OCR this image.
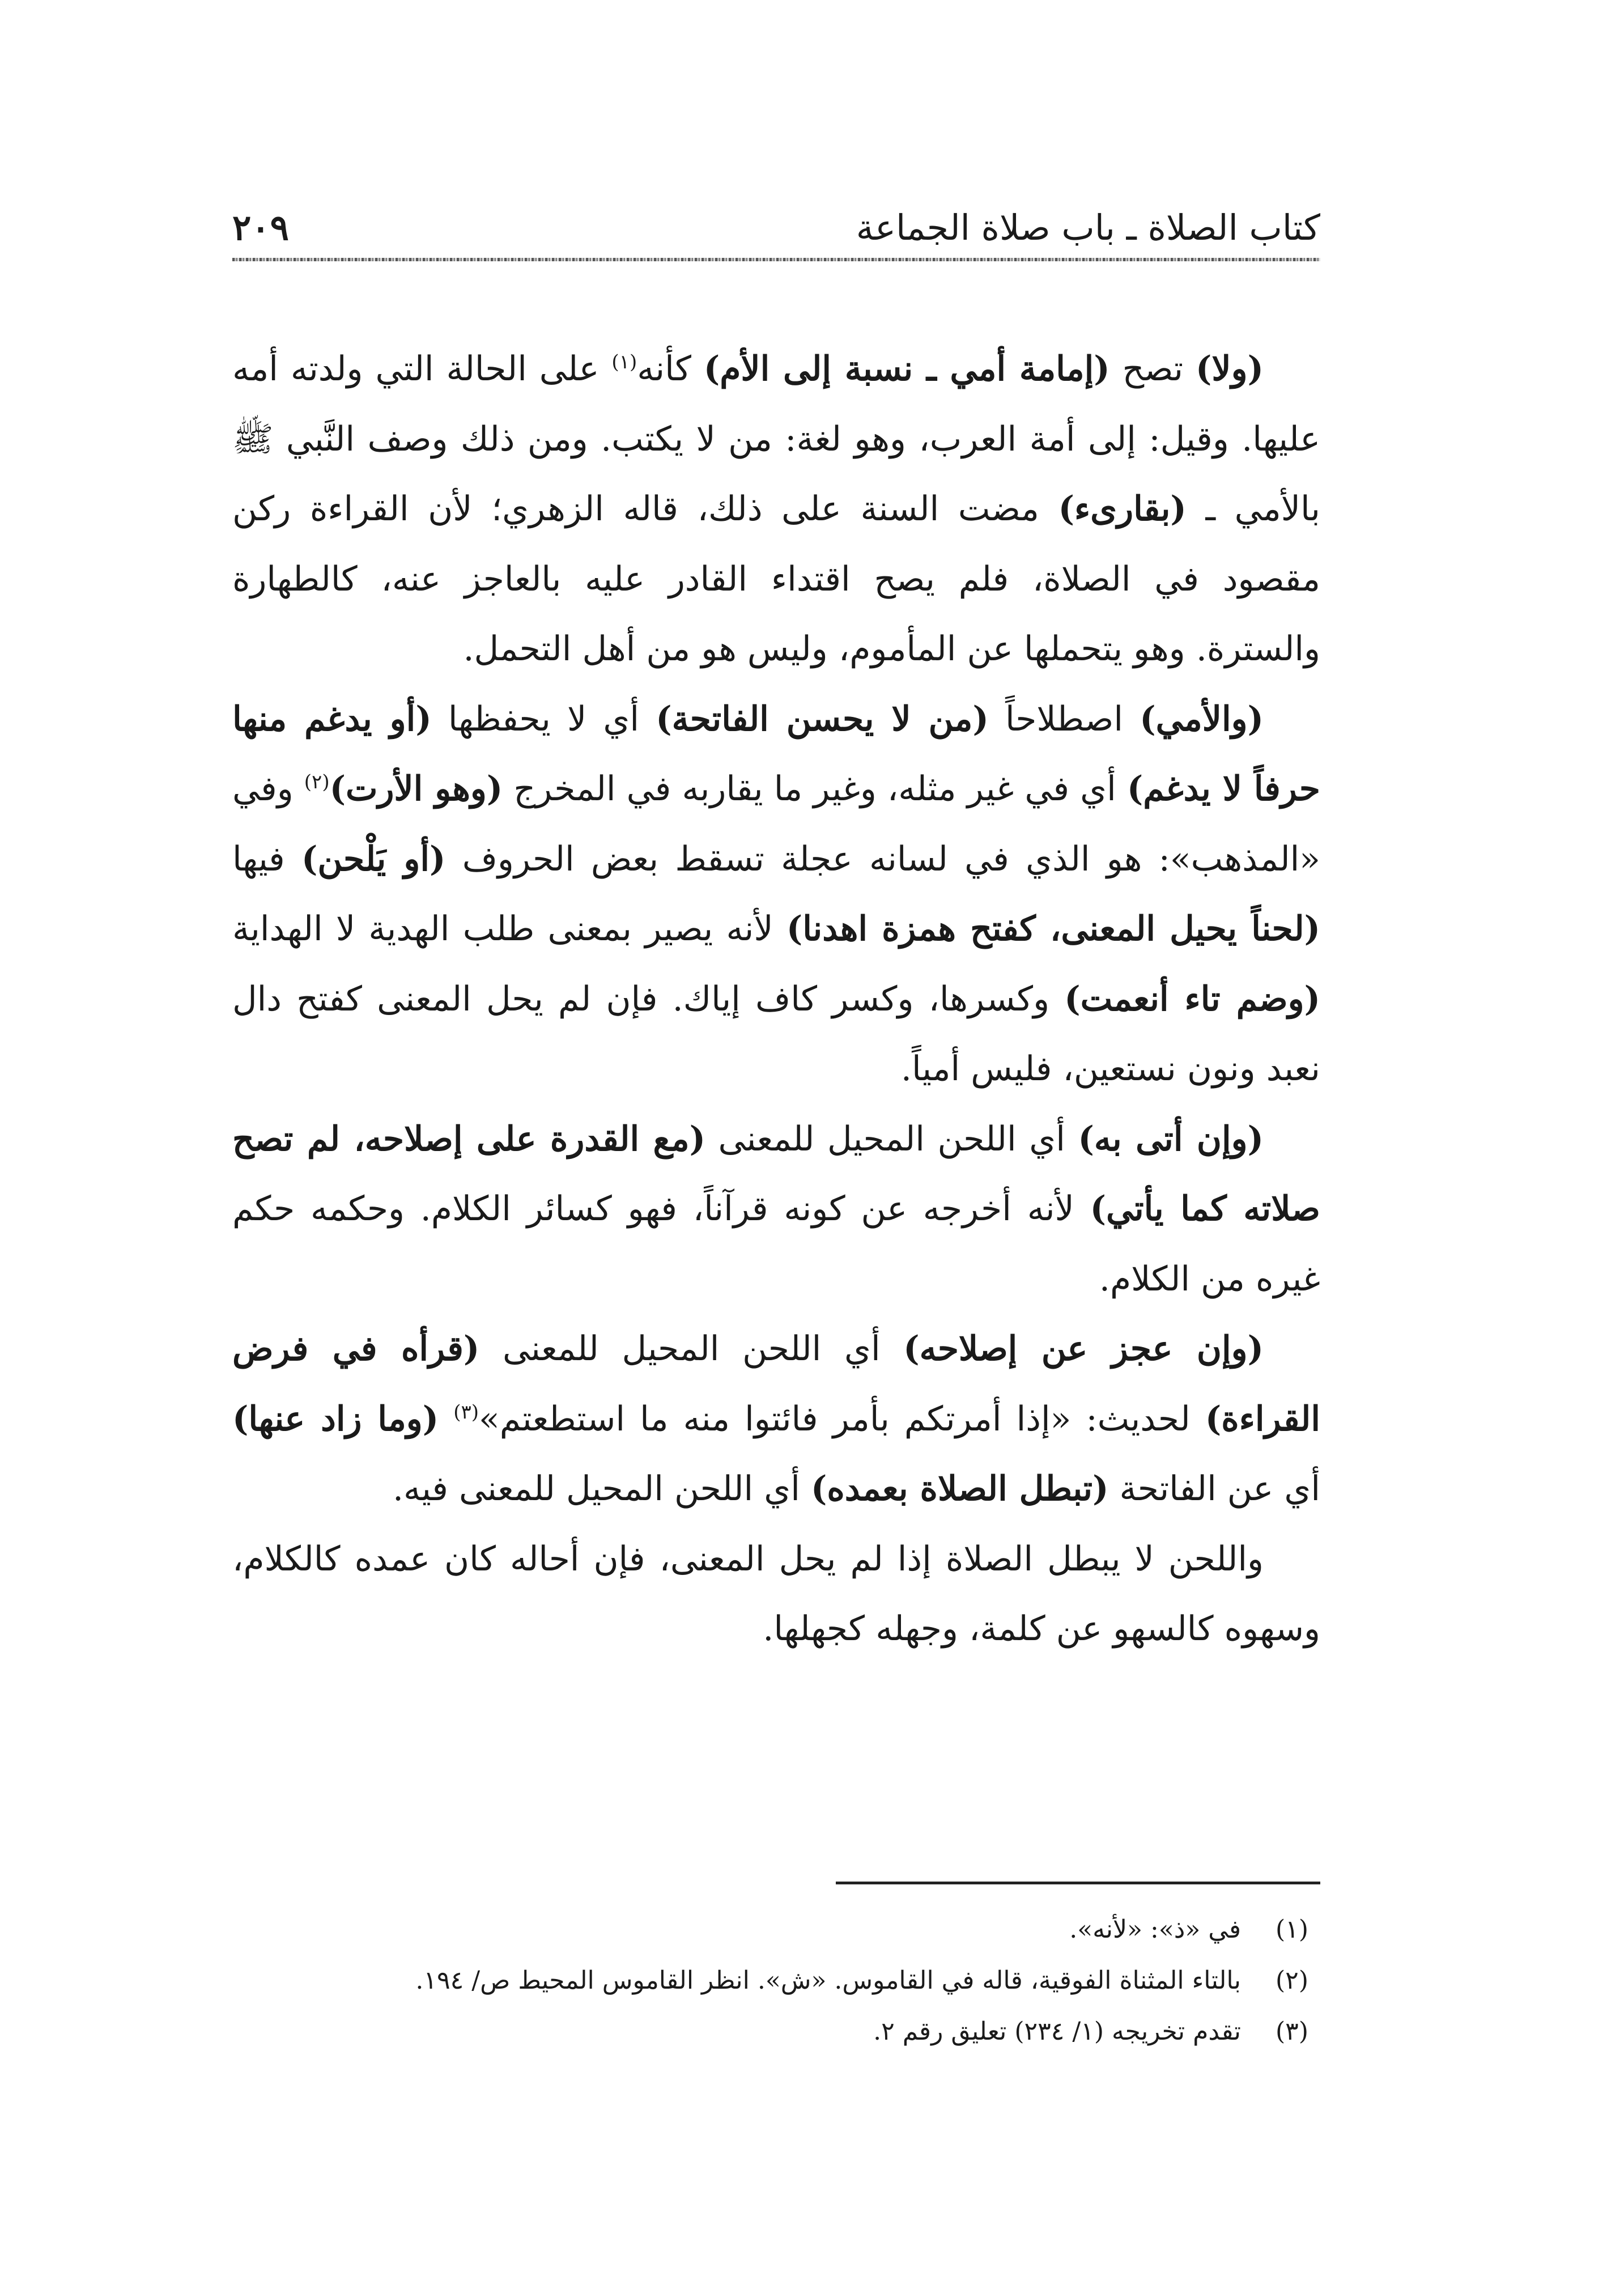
٢٠٩	كتاب الصلاة ـ باب صلاة الجماعة

(ولا) تصح (إمامة أمي ـ نسبة إلى الأم) كأنه$^{(١)}$ على الحالة التي ولدته أمه عليها. وقيل: إلى أمة العرب، وهو لغة: من لا يكتب. ومن ذلك وصف النَّبي ﷺ بالأمي ـ (بقارىء) مضت السنة على ذلك، قاله الزهري؛ لأن القراءة ركن مقصود في الصلاة، فلم يصح اقتداء القادر عليه بالعاجز عنه، كالطهارة والسترة. وهو يتحملها عن المأموم، وليس هو من أهل التحمل.

(والأمي) اصطلاحاً (من لا يحسن الفاتحة) أي لا يحفظها (أو يدغم منها حرفاً لا يدغم) أي في غير مثله، وغير ما يقاربه في المخرج (وهو الأرت)$^{(٢)}$ وفي «المذهب»: هو الذي في لسانه عجلة تسقط بعض الحروف (أو يَلْحن) فيها (لحناً يحيل المعنى، كفتح همزة اهدنا) لأنه يصير بمعنى طلب الهدية لا الهداية (وضم تاء أنعمت) وكسرها، وكسر كاف إياك. فإن لم يحل المعنى كفتح دال نعبد ونون نستعين، فليس أمياً.

(وإن أتى به) أي اللحن المحيل للمعنى (مع القدرة على إصلاحه، لم تصح صلاته كما يأتي) لأنه أخرجه عن كونه قرآناً، فهو كسائر الكلام. وحكمه حكم غيره من الكلام.

(وإن عجز عن إصلاحه) أي اللحن المحيل للمعنى (قرأه في فرض القراءة) لحديث: «إذا أمرتكم بأمر فائتوا منه ما استطعتم»$^{(٣)}$ (وما زاد عنها) أي عن الفاتحة (تبطل الصلاة بعمده) أي اللحن المحيل للمعنى فيه.

واللحن لا يبطل الصلاة إذا لم يحل المعنى، فإن أحاله كان عمده كالكلام، وسهوه كالسهو عن كلمة، وجهله كجهلها.

(١)
في «ذ»: «لأنه».
(٢)
بالتاء المثناة الفوقية، قاله في القاموس. «ش». انظر القاموس المحيط ص/ ١٩٤.
(٣)
تقدم تخريجه (١/ ٢٣٤) تعليق رقم ٢.
